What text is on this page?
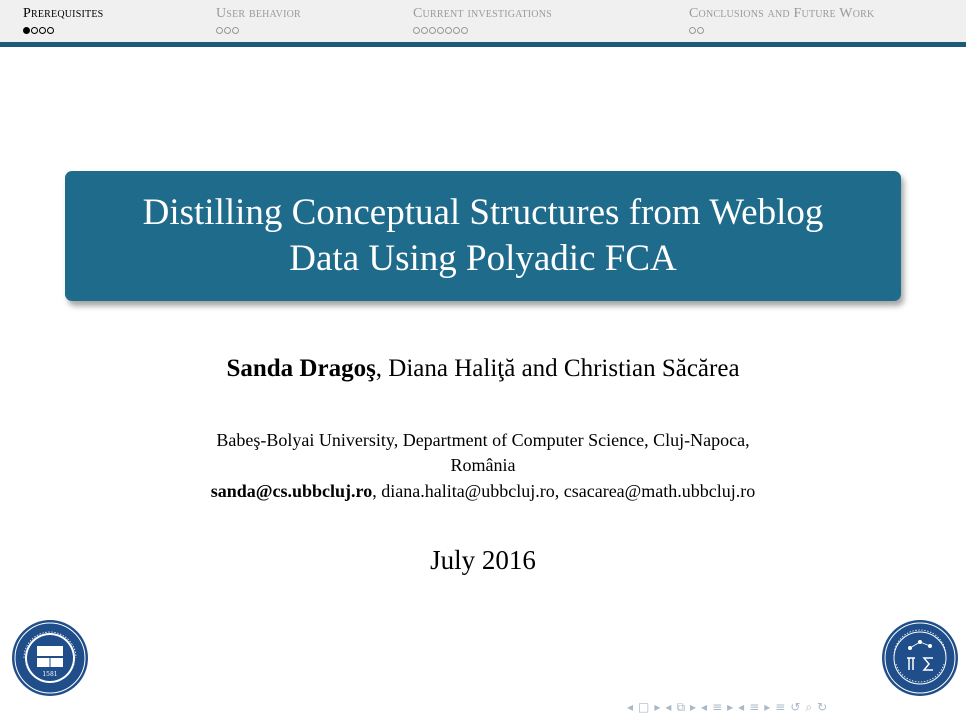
Prerequisites	User behavior	Current investigations	Conclusions and Future Work
Distilling Conceptual Structures from Weblog
Data Using Polyadic FCA
Sanda Dragoş, Diana Haliţă and Christian Săcărea
Babeş-Bolyai University, Department of Computer Science, Cluj-Napoca,
România
sanda@cs.ubbcluj.ro, diana.halita@ubbcluj.ro, csacarea@math.ubbcluj.ro
July 2016
1581
◂ □ ▸ ◂ ⧉ ▸ ◂ ≡ ▸ ◂ ≡ ▸ ≡ ↺ ⌕ ↻
